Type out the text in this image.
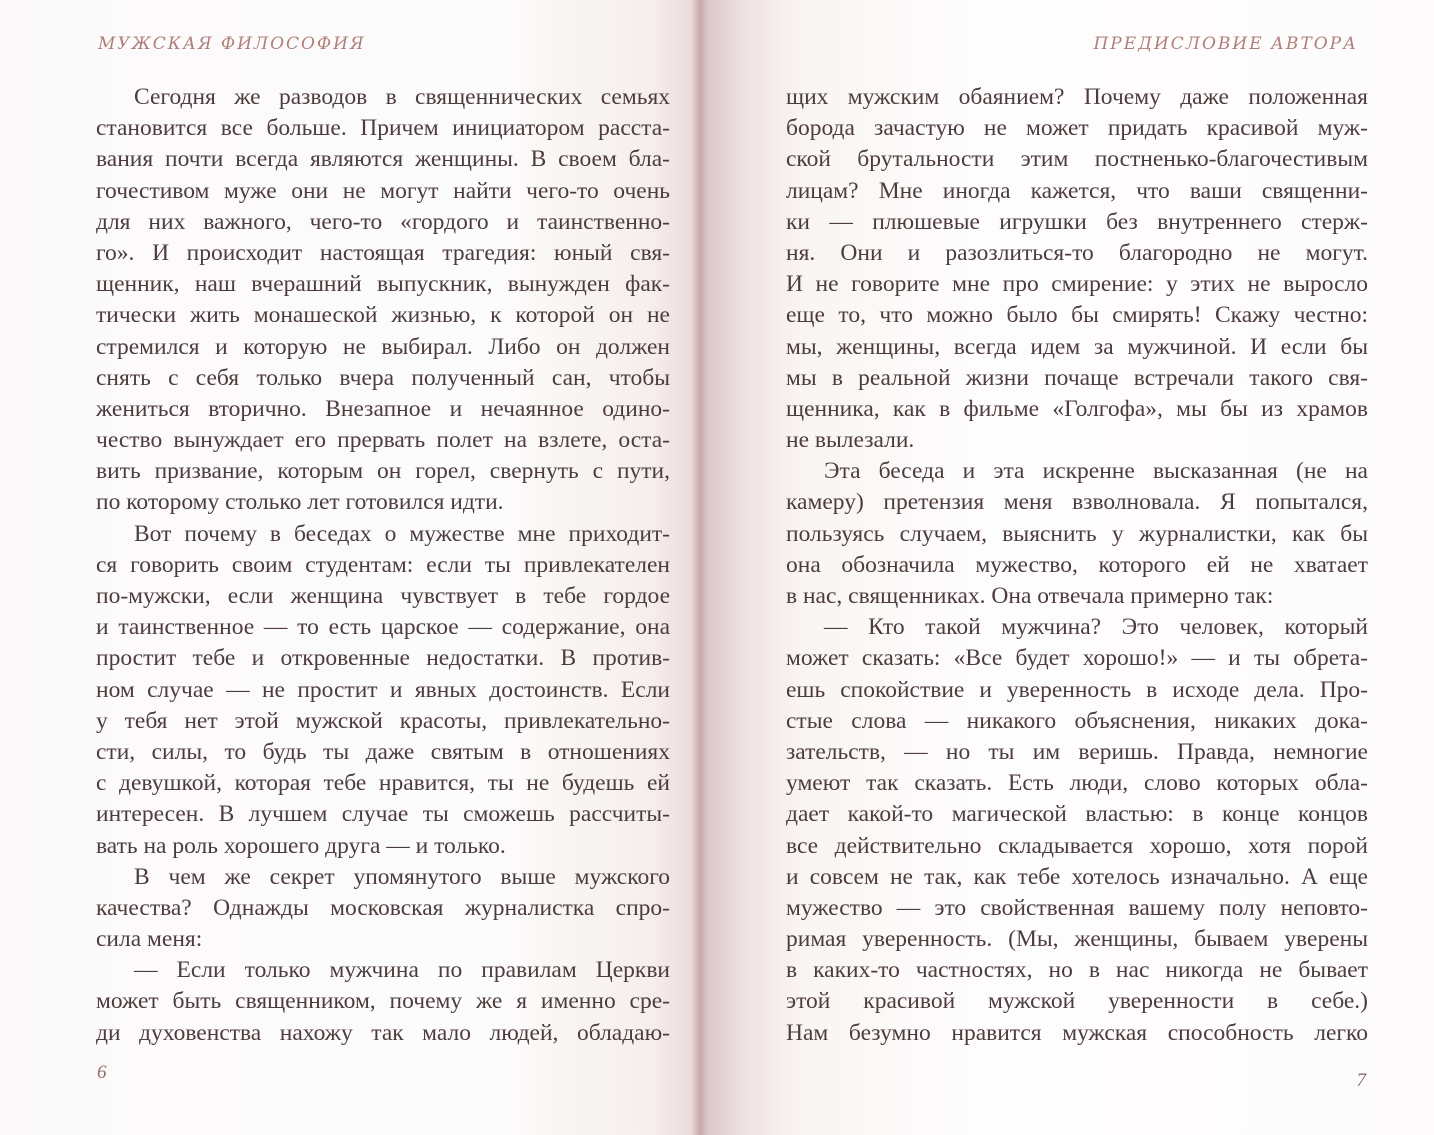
МУЖСКАЯ ФИЛОСОФИЯ
Сегодня же разводов в священнических семьях
становится все больше. Причем инициатором расста-
вания почти всегда являются женщины. В своем бла-
гочестивом муже они не могут найти чего-то очень
для них важного, чего-то «гордого и таинственно-
го». И происходит настоящая трагедия: юный свя-
щенник, наш вчерашний выпускник, вынужден фак-
тически жить монашеской жизнью, к которой он не
стремился и которую не выбирал. Либо он должен
снять с себя только вчера полученный сан, чтобы
жениться вторично. Внезапное и нечаянное одино-
чество вынуждает его прервать полет на взлете, оста-
вить призвание, которым он горел, свернуть с пути,
по которому столько лет готовился идти.
Вот почему в беседах о мужестве мне приходит-
ся говорить своим студентам: если ты привлекателен
по-мужски, если женщина чувствует в тебе гордое
и таинственное — то есть царское — содержание, она
простит тебе и откровенные недостатки. В против-
ном случае — не простит и явных достоинств. Если
у тебя нет этой мужской красоты, привлекательно-
сти, силы, то будь ты даже святым в отношениях
с девушкой, которая тебе нравится, ты не будешь ей
интересен. В лучшем случае ты сможешь рассчиты-
вать на роль хорошего друга — и только.
В чем же секрет упомянутого выше мужского
качества? Однажды московская журналистка спро-
сила меня:
— Если только мужчина по правилам Церкви
может быть священником, почему же я именно сре-
ди духовенства нахожу так мало людей, обладаю-
6
ПРЕДИСЛОВИЕ АВТОРА
щих мужским обаянием? Почему даже положенная
борода зачастую не может придать красивой муж-
ской брутальности этим постненько-благочестивым
лицам? Мне иногда кажется, что ваши священни-
ки — плюшевые игрушки без внутреннего стерж-
ня. Они и разозлиться-то благородно не могут.
И не говорите мне про смирение: у этих не выросло
еще то, что можно было бы смирять! Скажу честно:
мы, женщины, всегда идем за мужчиной. И если бы
мы в реальной жизни почаще встречали такого свя-
щенника, как в фильме «Голгофа», мы бы из храмов
не вылезали.
Эта беседа и эта искренне высказанная (не на
камеру) претензия меня взволновала. Я попытался,
пользуясь случаем, выяснить у журналистки, как бы
она обозначила мужество, которого ей не хватает
в нас, священниках. Она отвечала примерно так:
— Кто такой мужчина? Это человек, который
может сказать: «Все будет хорошо!» — и ты обрета-
ешь спокойствие и уверенность в исходе дела. Про-
стые слова — никакого объяснения, никаких дока-
зательств, — но ты им веришь. Правда, немногие
умеют так сказать. Есть люди, слово которых обла-
дает какой-то магической властью: в конце концов
все действительно складывается хорошо, хотя порой
и совсем не так, как тебе хотелось изначально. А еще
мужество — это свойственная вашему полу неповто-
римая уверенность. (Мы, женщины, бываем уверены
в каких-то частностях, но в нас никогда не бывает
этой красивой мужской уверенности в себе.)
Нам безумно нравится мужская способность легко
7
